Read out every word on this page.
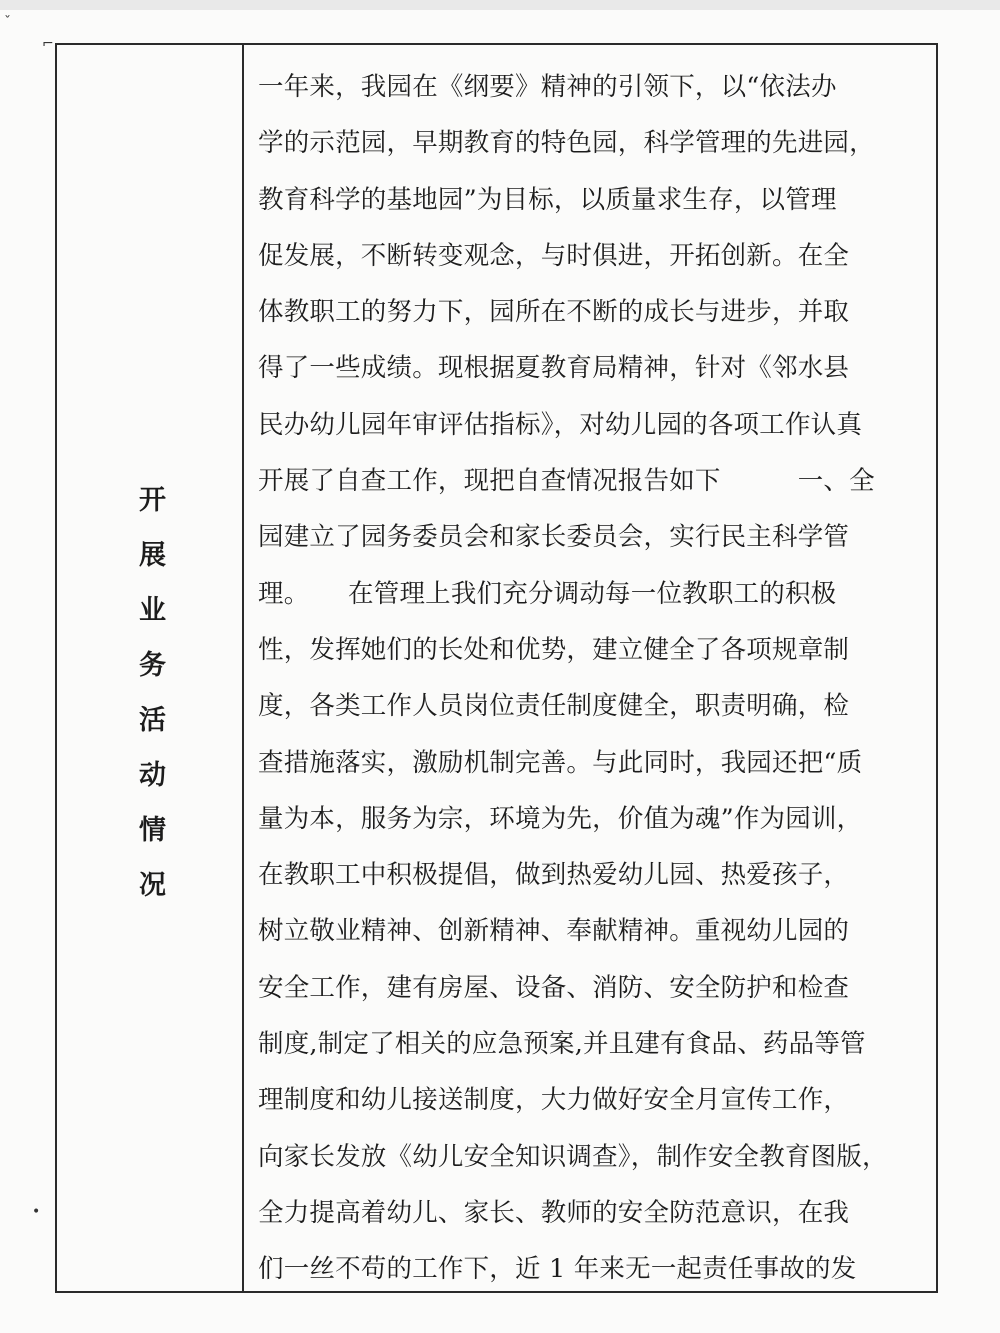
ˇ
⌐
•
开展业务活动情况
一年来，我园在《纲要》精神的引领下，以“依法办
学的示范园，早期教育的特色园，科学管理的先进园，
教育科学的基地园”为目标，以质量求生存，以管理
促发展，不断转变观念，与时俱进，开拓创新。在全
体教职工的努力下，园所在不断的成长与进步，并取
得了一些成绩。现根据夏教育局精神，针对《邻水县
民办幼儿园年审评估指标》，对幼儿园的各项工作认真
开展了自查工作，现把自查情况报告如下　　　一、全
园建立了园务委员会和家长委员会，实行民主科学管
理。　　在管理上我们充分调动每一位教职工的积极
性，发挥她们的长处和优势，建立健全了各项规章制
度，各类工作人员岗位责任制度健全，职责明确，检
查措施落实，激励机制完善。与此同时，我园还把“质
量为本，服务为宗，环境为先，价值为魂”作为园训，
在教职工中积极提倡，做到热爱幼儿园、热爱孩子，
树立敬业精神、创新精神、奉献精神。重视幼儿园的
安全工作，建有房屋、设备、消防、安全防护和检查
制度,制定了相关的应急预案,并且建有食品、药品等管
理制度和幼儿接送制度，大力做好安全月宣传工作，
向家长发放《幼儿安全知识调查》，制作安全教育图版，
全力提高着幼儿、家长、教师的安全防范意识，在我
们一丝不苟的工作下，近 1 年来无一起责任事故的发
